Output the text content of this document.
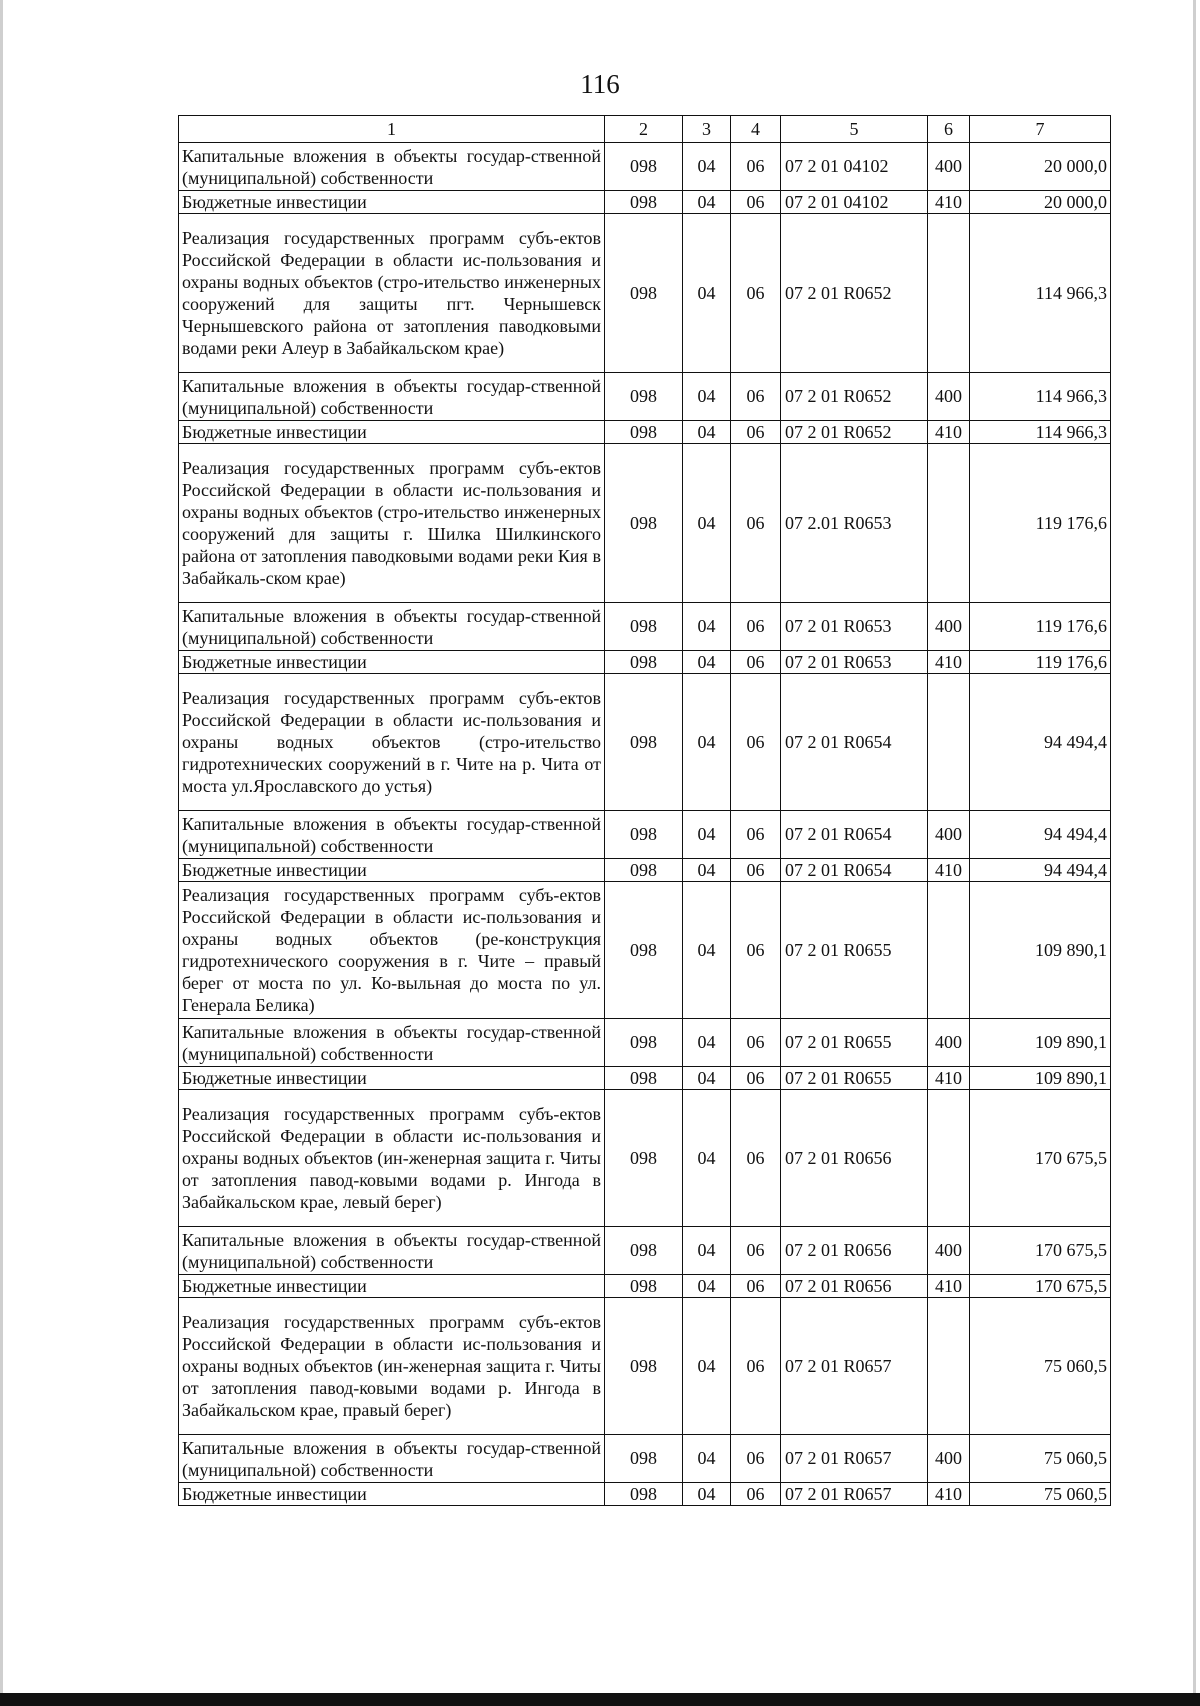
116
1	2	3	4	5	6	7
Капитальные вложения в объекты государ-ственной (муниципальной) собственности	098	04	06	07 2 01 04102	400	20 000,0
Бюджетные инвестиции	098	04	06	07 2 01 04102	410	20 000,0
Реализация государственных программ субъ-ектов Российской Федерации в области ис-пользования и охраны водных объектов (стро-ительство инженерных сооружений для защиты пгт. Чернышевск Чернышевского района от затопления паводковыми водами реки Алеур в Забайкальском крае)	098	04	06	07 2 01 R0652		114 966,3
Капитальные вложения в объекты государ-ственной (муниципальной) собственности	098	04	06	07 2 01 R0652	400	114 966,3
Бюджетные инвестиции	098	04	06	07 2 01 R0652	410	114 966,3
Реализация государственных программ субъ-ектов Российской Федерации в области ис-пользования и охраны водных объектов (стро-ительство инженерных сооружений для защиты г. Шилка Шилкинского района от затопления паводковыми водами реки Кия в Забайкаль-ском крае)	098	04	06	07 2.01 R0653		119 176,6
Капитальные вложения в объекты государ-ственной (муниципальной) собственности	098	04	06	07 2 01 R0653	400	119 176,6
Бюджетные инвестиции	098	04	06	07 2 01 R0653	410	119 176,6
Реализация государственных программ субъ-ектов Российской Федерации в области ис-пользования и охраны водных объектов (стро-ительство гидротехнических сооружений в г. Чите на р. Чита от моста ул.Ярославского до устья)	098	04	06	07 2 01 R0654		94 494,4
Капитальные вложения в объекты государ-ственной (муниципальной) собственности	098	04	06	07 2 01 R0654	400	94 494,4
Бюджетные инвестиции	098	04	06	07 2 01 R0654	410	94 494,4
Реализация государственных программ субъ-ектов Российской Федерации в области ис-пользования и охраны водных объектов (ре-конструкция гидротехнического сооружения в г. Чите – правый берег от моста по ул. Ко-выльная до моста по ул. Генерала Белика)	098	04	06	07 2 01 R0655		109 890,1
Капитальные вложения в объекты государ-ственной (муниципальной) собственности	098	04	06	07 2 01 R0655	400	109 890,1
Бюджетные инвестиции	098	04	06	07 2 01 R0655	410	109 890,1
Реализация государственных программ субъ-ектов Российской Федерации в области ис-пользования и охраны водных объектов (ин-женерная защита г. Читы от затопления павод-ковыми водами р. Ингода в Забайкальском крае, левый берег)	098	04	06	07 2 01 R0656		170 675,5
Капитальные вложения в объекты государ-ственной (муниципальной) собственности	098	04	06	07 2 01 R0656	400	170 675,5
Бюджетные инвестиции	098	04	06	07 2 01 R0656	410	170 675,5
Реализация государственных программ субъ-ектов Российской Федерации в области ис-пользования и охраны водных объектов (ин-женерная защита г. Читы от затопления павод-ковыми водами р. Ингода в Забайкальском крае, правый берег)	098	04	06	07 2 01 R0657		75 060,5
Капитальные вложения в объекты государ-ственной (муниципальной) собственности	098	04	06	07 2 01 R0657	400	75 060,5
Бюджетные инвестиции	098	04	06	07 2 01 R0657	410	75 060,5
